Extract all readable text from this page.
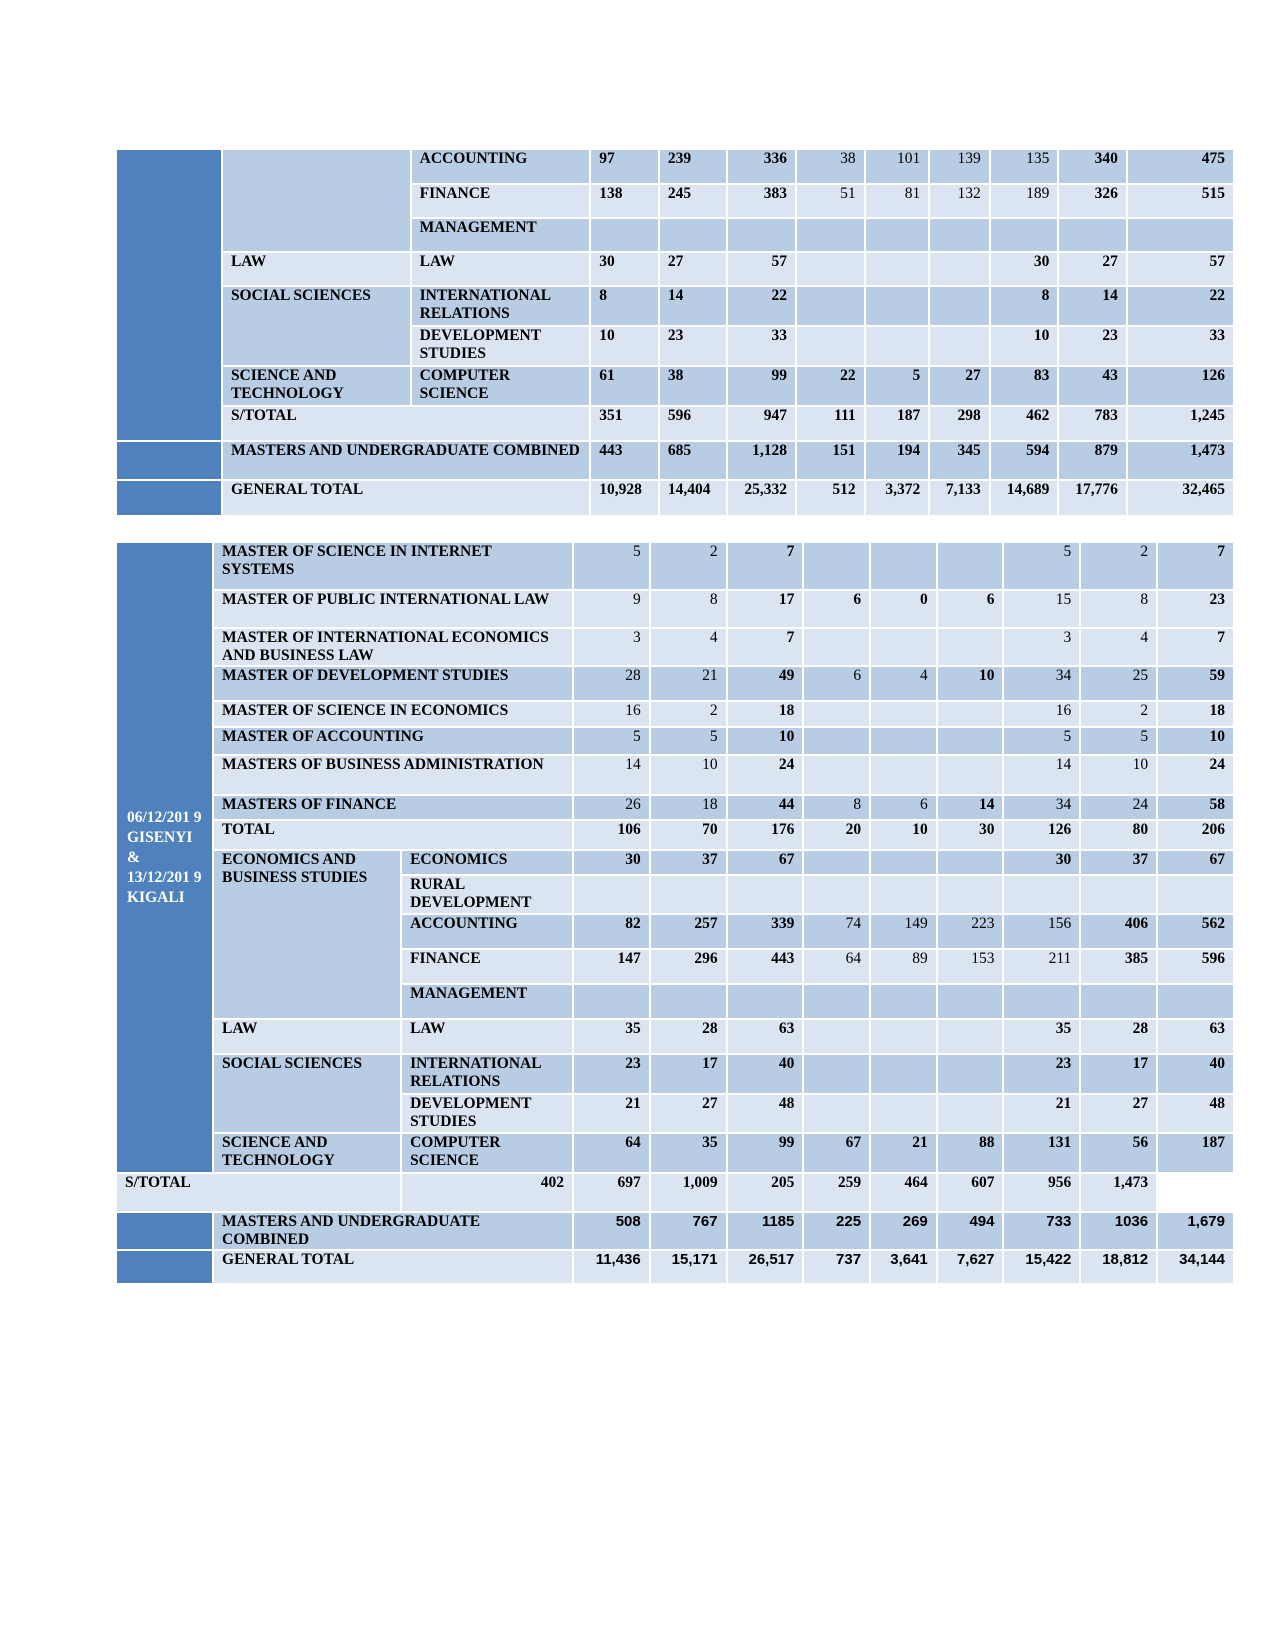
		ACCOUNTING	97	239	336	38	101	139	135	340	475
		FINANCE	138	245	383	51	81	132	189	326	515
		MANAGEMENT									
	LAW	LAW	30	27	57				30	27	57
	SOCIAL SCIENCES	INTERNATIONAL RELATIONS	8	14	22				8	14	22
		DEVELOPMENT STUDIES	10	23	33				10	23	33
	SCIENCE AND TECHNOLOGY	COMPUTER SCIENCE	61	38	99	22	5	27	83	43	126
	S/TOTAL		351	596	947	111	187	298	462	783	1,245
	MASTERS AND UNDERGRADUATE COMBINED		443	685	1,128	151	194	345	594	879	1,473
	GENERAL TOTAL		10,928	14,404	25,332	512	3,372	7,133	14,689	17,776	32,465
06/12/201 9 GISENYI & 13/12/201 9 KIGALI	MASTER OF SCIENCE IN INTERNET SYSTEMS		5	2	7				5	2	7
	MASTER OF PUBLIC INTERNATIONAL LAW		9	8	17	6	0	6	15	8	23
	MASTER OF INTERNATIONAL ECONOMICS AND BUSINESS LAW		3	4	7				3	4	7
	MASTER OF DEVELOPMENT STUDIES		28	21	49	6	4	10	34	25	59
	MASTER OF SCIENCE IN ECONOMICS		16	2	18				16	2	18
	MASTER OF ACCOUNTING		5	5	10				5	5	10
	MASTERS OF BUSINESS ADMINISTRATION		14	10	24				14	10	24
	MASTERS OF FINANCE		26	18	44	8	6	14	34	24	58
	TOTAL		106	70	176	20	10	30	126	80	206
	ECONOMICS AND BUSINESS STUDIES	ECONOMICS	30	37	67				30	37	67
		RURAL DEVELOPMENT									
		ACCOUNTING	82	257	339	74	149	223	156	406	562
		FINANCE	147	296	443	64	89	153	211	385	596
		MANAGEMENT									
	LAW	LAW	35	28	63				35	28	63
	SOCIAL SCIENCES	INTERNATIONAL RELATIONS	23	17	40				23	17	40
		DEVELOPMENT STUDIES	21	27	48				21	27	48
	SCIENCE AND TECHNOLOGY	COMPUTER SCIENCE	64	35	99	67	21	88	131	56	187
S/TOTAL		402	697	1,009	205	259	464	607	956	1,473	
	MASTERS AND UNDERGRADUATE COMBINED		508	767	1185	225	269	494	733	1036	1,679
	GENERAL TOTAL		11,436	15,171	26,517	737	3,641	7,627	15,422	18,812	34,144
